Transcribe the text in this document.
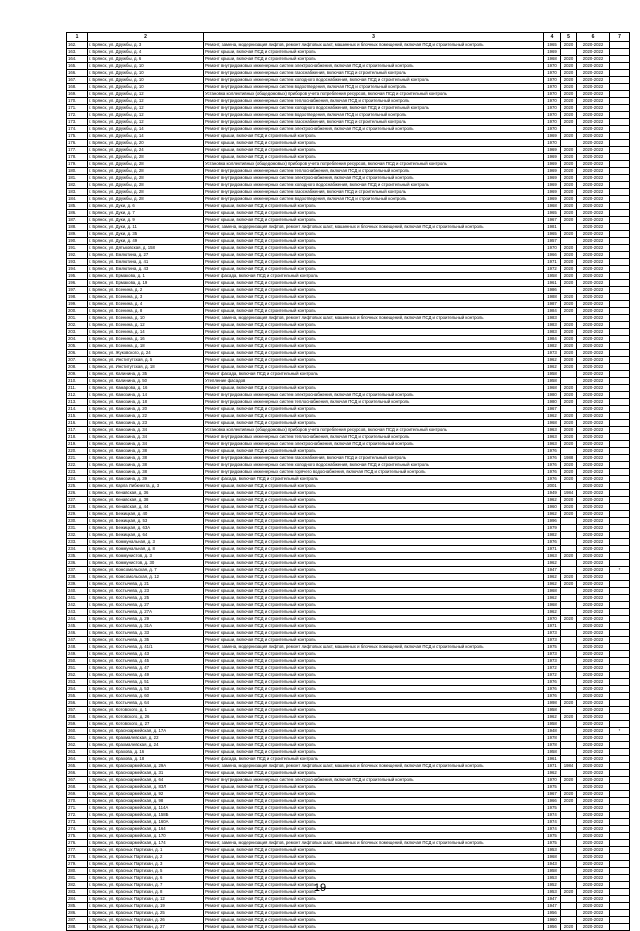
1	2	3	4	5	6	7
162.	г. Брянск, ул. Дружбы, д. 3	Ремонт, замена, модернизация лифтов, ремонт лифтовых шахт, машинных и блочных помещений, включая ПСД и строительный контроль	1965	2020	2020-2022	
163.	г. Брянск, ул. Дружбы, д. 4	Ремонт крыши, включая ПСД и строительный контроль	1969		2020-2022	
164.	г. Брянск, ул. Дружбы, д. 6	Ремонт крыши, включая ПСД и строительный контроль	1968	2020	2020-2022	
165.	г. Брянск, ул. Дружбы, д. 10	Ремонт внутридомовых инженерных систем электроснабжения, включая ПСД и строительный контроль	1970	2020	2020-2022	
166.	г. Брянск, ул. Дружбы, д. 10	Ремонт внутридомовых инженерных систем газоснабжения, включая ПСД и строительный контроль	1970	2020	2020-2022	
167.	г. Брянск, ул. Дружбы, д. 10	Ремонт внутридомовых инженерных систем холодного водоснабжения, включая ПСД и строительный контроль	1970	2020	2020-2022	
168.	г. Брянск, ул. Дружбы, д. 10	Ремонт внутридомовых инженерных систем водоотведения, включая ПСД и строительный контроль	1970	2020	2020-2022	
169.	г. Брянск, ул. Дружбы, д. 12	Установка коллективных (общедомовых) приборов учета потребления ресурсов, включая ПСД и строительный контроль	1970	2020	2020-2022	
170.	г. Брянск, ул. Дружбы, д. 12	Ремонт внутридомовых инженерных систем теплоснабжения, включая ПСД и строительный контроль	1970	2020	2020-2022	
171.	г. Брянск, ул. Дружбы, д. 12	Ремонт внутридомовых инженерных систем холодного водоснабжения, включая ПСД и строительный контроль	1970	2020	2020-2022	
172.	г. Брянск, ул. Дружбы, д. 12	Ремонт внутридомовых инженерных систем водоотведения, включая ПСД и строительный контроль	1970	2020	2020-2022	
173.	г. Брянск, ул. Дружбы, д. 12	Ремонт внутридомовых инженерных систем газоснабжения, включая ПСД и строительный контроль	1970	2020	2020-2022	
174.	г. Брянск, ул. Дружбы, д. 14	Ремонт внутридомовых инженерных систем электроснабжения, включая ПСД и строительный контроль	1970		2020-2022	
175.	г. Брянск, ул. Дружбы, д. 14	Ремонт крыши, включая ПСД и строительный контроль	1969	2020	2020-2022	
176.	г. Брянск, ул. Дружбы, д. 20	Ремонт крыши, включая ПСД и строительный контроль	1970		2020-2022	
177.	г. Брянск, ул. Дружбы, д. 24	Ремонт крыши, включая ПСД и строительный контроль	1969	2020	2020-2022	
178.	г. Брянск, ул. Дружбы, д. 28	Ремонт крыши, включая ПСД и строительный контроль	1969	2020	2020-2022	
179.	г. Брянск, ул. Дружбы, д. 28	Установка коллективных (общедомовых) приборов учета потребления ресурсов, включая ПСД и строительный контроль	1969	2020	2020-2022	
180.	г. Брянск, ул. Дружбы, д. 28	Ремонт внутридомовых инженерных систем теплоснабжения, включая ПСД и строительный контроль	1969	2020	2020-2022	
181.	г. Брянск, ул. Дружбы, д. 28	Ремонт внутридомовых инженерных систем электроснабжения, включая ПСД и строительный контроль	1969	2020	2020-2022	
182.	г. Брянск, ул. Дружбы, д. 28	Ремонт внутридомовых инженерных систем холодного водоснабжения, включая ПСД и строительный контроль	1969	2020	2020-2022	
183.	г. Брянск, ул. Дружбы, д. 28	Ремонт внутридомовых инженерных систем газоснабжения, включая ПСД и строительный контроль	1969	2020	2020-2022	
184.	г. Брянск, ул. Дружбы, д. 28	Ремонт внутридомовых инженерных систем водоотведения, включая ПСД и строительный контроль	1969	2020	2020-2022	
185.	г. Брянск, ул. Дуки, д. 6	Ремонт крыши, включая ПСД и строительный контроль	1968	2020	2020-2022	
186.	г. Брянск, ул. Дуки, д. 7	Ремонт крыши, включая ПСД и строительный контроль	1965	2020	2020-2022	
187.	г. Брянск, ул. Дуки, д. 9	Ремонт крыши, включая ПСД и строительный контроль	1967	2020	2020-2022	
188.	г. Брянск, ул. Дуки, д. 11	Ремонт, замена, модернизация лифтов, ремонт лифтовых шахт, машинных и блочных помещений, включая ПСД и строительный контроль	1981		2020-2022	
189.	г. Брянск, ул. Дуки, д. 35	Ремонт крыши, включая ПСД и строительный контроль	1965	2020	2020-2022	
190.	г. Брянск, ул. Дуки, д. 49	Ремонт крыши, включая ПСД и строительный контроль	1957		2020-2022	
191.	г. Брянск, ул. Дятьковская, д. 158	Ремонт крыши, включая ПСД и строительный контроль	1970	2020	2020-2022	
192.	г. Брянск, ул. Емлютина, д. 27	Ремонт крыши, включая ПСД и строительный контроль	1966	2020	2020-2022	
193.	г. Брянск, ул. Емлютина, д. 41	Ремонт крыши, включая ПСД и строительный контроль	1971	2020	2020-2022	
194.	г. Брянск, ул. Емлютина, д. 43	Ремонт крыши, включая ПСД и строительный контроль	1972	2020	2020-2022	
195.	г. Брянск, ул. Ермакова, д. 1	Ремонт фасада, включая ПСД и строительный контроль	1958	2020	2020-2022	
196.	г. Брянск, ул. Ермакова, д. 19	Ремонт крыши, включая ПСД и строительный контроль	1961	2020	2020-2022	
197.	г. Брянск, ул. Есенина, д. 2	Ремонт крыши, включая ПСД и строительный контроль	1986		2020-2022	
198.	г. Брянск, ул. Есенина, д. 3	Ремонт крыши, включая ПСД и строительный контроль	1988	2020	2020-2022	
199.	г. Брянск, ул. Есенина, д. 4	Ремонт крыши, включая ПСД и строительный контроль	1987	2020	2020-2022	
200.	г. Брянск, ул. Есенина, д. 8	Ремонт крыши, включая ПСД и строительный контроль	1984	2020	2020-2022	
201.	г. Брянск, ул. Есенина, д. 10	Ремонт, замена, модернизация лифтов, ремонт лифтовых шахт, машинных и блочных помещений, включая ПСД и строительный контроль	1983		2020-2022	
202.	г. Брянск, ул. Есенина, д. 12	Ремонт крыши, включая ПСД и строительный контроль	1983	2020	2020-2022	
203.	г. Брянск, ул. Есенина, д. 14	Ремонт крыши, включая ПСД и строительный контроль	1983	2020	2020-2022	
204.	г. Брянск, ул. Есенина, д. 16	Ремонт крыши, включая ПСД и строительный контроль	1984	2020	2020-2022	
205.	г. Брянск, ул. Есенина, д. 18	Ремонт крыши, включая ПСД и строительный контроль	1982	2020	2020-2022	
206.	г. Брянск, ул. Жуковского, д. 24	Ремонт крыши, включая ПСД и строительный контроль	1973	2020	2020-2022	
207.	г. Брянск, ул. Институтская, д. 5	Ремонт крыши, включая ПСД и строительный контроль	1962	2020	2020-2022	
208.	г. Брянск, ул. Институтская, д. 18	Ремонт крыши, включая ПСД и строительный контроль	1962	2020	2020-2022	
209.	г. Брянск, ул. Калинина, д. 35	Ремонт фасада, включая ПСД и строительный контроль	1958		2020-2022	
210.	г. Брянск, ул. Калинина, д. 50	Утепление фасадов	1958		2020-2022	
211.	г. Брянск, ул. Камарова, д. 16	Ремонт крыши, включая ПСД и строительный контроль	1968	2020	2020-2022	
212.	г. Брянск, ул. Камозина, д. 14	Ремонт внутридомовых инженерных систем электроснабжения, включая ПСД и строительный контроль	1980	2020	2020-2022	
213.	г. Брянск, ул. Камозина, д. 18	Ремонт внутридомовых инженерных систем теплоснабжения, включая ПСД и строительный контроль	1980	2020	2020-2022	
214.	г. Брянск, ул. Камозина, д. 20	Ремонт крыши, включая ПСД и строительный контроль	1967		2020-2022	
215.	г. Брянск, ул. Камозина, д. 22	Ремонт крыши, включая ПСД и строительный контроль	1962	2020	2020-2022	
216.	г. Брянск, ул. Камозина, д. 23	Ремонт крыши, включая ПСД и строительный контроль	1968	2020	2020-2022	
217.	г. Брянск, ул. Камозина, д. 34	Установка коллективных (общедомовых) приборов учета потребления ресурсов, включая ПСД и строительный контроль	1963	2020	2020-2022	
218.	г. Брянск, ул. Камозина, д. 34	Ремонт внутридомовых инженерных систем теплоснабжения, включая ПСД и строительный контроль	1963	2020	2020-2022	
219.	г. Брянск, ул. Камозина, д. 34	Ремонт внутридомовых инженерных систем электроснабжения, включая ПСД и строительный контроль	1963	2020	2020-2022	
220.	г. Брянск, ул. Камозина, д. 38	Ремонт крыши, включая ПСД и строительный контроль	1976		2020-2022	
221.	г. Брянск, ул. Камозина, д. 38	Ремонт внутридомовых инженерных систем газоснабжения, включая ПСД и строительный контроль	1976	1988	2020-2022	
222.	г. Брянск, ул. Камозина, д. 38	Ремонт внутридомовых инженерных систем холодного водоснабжения, включая ПСД и строительный контроль	1976	2020	2020-2022	
223.	г. Брянск, ул. Камозина, д. 38	Ремонт внутридомовых инженерных систем горячего водоснабжения, включая ПСД и строительный контроль	1976	2020	2020-2022	
224.	г. Брянск, ул. Камозина, д. 39	Ремонт фасада, включая ПСД и строительный контроль	1976	2020	2020-2022	
225.	г. Брянск, ул. Карла Либкнехта, д. 3	Ремонт крыши, включая ПСД и строительный контроль	2001		2020-2022	
226.	г. Брянск, ул. Кенавская, д. 36	Ремонт крыши, включая ПСД и строительный контроль	1949	1984	2020-2022	
227.	г. Брянск, ул. Кенавская, д. 38	Ремонт крыши, включая ПСД и строительный контроль	1962	2020	2020-2022	
228.	г. Брянск, ул. Кенавская, д. 44	Ремонт крыши, включая ПСД и строительный контроль	1960	2020	2020-2022	
229.	г. Брянск, ул. Бежицкая, д. 40	Ремонт крыши, включая ПСД и строительный контроль	1962	2020	2020-2022	
230.	г. Брянск, ул. Бежицкая, д. 53	Ремонт крыши, включая ПСД и строительный контроль	1996		2020-2022	
231.	г. Брянск, ул. Бежицкая, д. 63А	Ремонт крыши, включая ПСД и строительный контроль	1979		2020-2022	
232.	г. Брянск, ул. Бежицкая, д. 64	Ремонт крыши, включая ПСД и строительный контроль	1982		2020-2022	
233.	г. Брянск, ул. Коммунальная, д. 3	Ремонт крыши, включая ПСД и строительный контроль	1976		2020-2022	
234.	г. Брянск, ул. Коммунальная, д. 8	Ремонт крыши, включая ПСД и строительный контроль	1971		2020-2022	
235.	г. Брянск, ул. Коммунистов, д. 3	Ремонт крыши, включая ПСД и строительный контроль	1963	2020	2020-2022	
236.	г. Брянск, ул. Коммунистов, д. 30	Ремонт крыши, включая ПСД и строительный контроль	1962		2020-2022	
237.	г. Брянск, ул. Комсомольская, д. 7	Ремонт крыши, включая ПСД и строительный контроль	1947		2020-2022	*
238.	г. Брянск, ул. Комсомольская, д. 12	Ремонт крыши, включая ПСД и строительный контроль	1962	2020	2020-2022	
239.	г. Брянск, ул. Костычева, д. 21	Ремонт крыши, включая ПСД и строительный контроль	1962	2020	2020-2022	
240.	г. Брянск, ул. Костычева, д. 23	Ремонт крыши, включая ПСД и строительный контроль	1968		2020-2022	
241.	г. Брянск, ул. Костычева, д. 25	Ремонт крыши, включая ПСД и строительный контроль	1962		2020-2022	
242.	г. Брянск, ул. Костычева, д. 27	Ремонт крыши, включая ПСД и строительный контроль	1968		2020-2022	
243.	г. Брянск, ул. Костычева, д. 27А	Ремонт крыши, включая ПСД и строительный контроль	1962		2020-2022	
244.	г. Брянск, ул. Костычева, д. 29	Ремонт крыши, включая ПСД и строительный контроль	1970	2020	2020-2022	
245.	г. Брянск, ул. Костычева, д. 31А	Ремонт крыши, включая ПСД и строительный контроль	1971		2020-2022	
246.	г. Брянск, ул. Костычева, д. 33	Ремонт крыши, включая ПСД и строительный контроль	1973		2020-2022	
247.	г. Брянск, ул. Костычева, д. 35	Ремонт крыши, включая ПСД и строительный контроль	1973		2020-2022	
248.	г. Брянск, ул. Костычева, д. 41/1	Ремонт, замена, модернизация лифтов, ремонт лифтовых шахт, машинных и блочных помещений, включая ПСД и строительный контроль	1975		2020-2022	
249.	г. Брянск, ул. Костычева, д. 43	Ремонт крыши, включая ПСД и строительный контроль	1973		2020-2022	
250.	г. Брянск, ул. Костычева, д. 45	Ремонт крыши, включая ПСД и строительный контроль	1973		2020-2022	
251.	г. Брянск, ул. Костычева, д. 47	Ремонт крыши, включая ПСД и строительный контроль	1972		2020-2022	
252.	г. Брянск, ул. Костычева, д. 49	Ремонт крыши, включая ПСД и строительный контроль	1972		2020-2022	
253.	г. Брянск, ул. Костычева, д. 51	Ремонт крыши, включая ПСД и строительный контроль	1976		2020-2022	
254.	г. Брянск, ул. Костычева, д. 53	Ремонт крыши, включая ПСД и строительный контроль	1976		2020-2022	
255.	г. Брянск, ул. Костычева, д. 60	Ремонт крыши, включая ПСД и строительный контроль	1976		2020-2022	
256.	г. Брянск, ул. Костычева, д. 64	Ремонт крыши, включая ПСД и строительный контроль	1998	2020	2020-2022	
257.	г. Брянск, ул. Котовского, д. 1	Ремонт крыши, включая ПСД и строительный контроль	1958		2020-2022	
258.	г. Брянск, ул. Котовского, д. 26	Ремонт крыши, включая ПСД и строительный контроль	1962	2020	2020-2022	
259.	г. Брянск, ул. Котовского, д. 27	Ремонт крыши, включая ПСД и строительный контроль	1958		2020-2022	
260.	г. Брянск, ул. Красноармейская, д. 17А	Ремонт крыши, включая ПСД и строительный контроль	1948		2020-2022	*
261.	г. Брянск, ул. Крахмалевская, д. 22	Ремонт крыши, включая ПСД и строительный контроль	1978		2020-2022	
262.	г. Брянск, ул. Крахмалевская, д. 24	Ремонт крыши, включая ПСД и строительный контроль	1978		2020-2022	
263.	г. Брянск, ул. Крахова, д. 16	Ремонт крыши, включая ПСД и строительный контроль	1958		2020-2022	
264.	г. Брянск, ул. Крахова, д. 18	Ремонт фасада, включая ПСД и строительный контроль	1961		2020-2022	
265.	г. Брянск, ул. Красноармейская, д. 29А	Ремонт, замена, модернизация лифтов, ремонт лифтовых шахт, машинных и блочных помещений, включая ПСД и строительный контроль	1971	1984	2020-2022	
266.	г. Брянск, ул. Красноармейская, д. 31	Ремонт крыши, включая ПСД и строительный контроль	1962		2020-2022	
267.	г. Брянск, ул. Красноармейская, д. 64	Ремонт внутридомовых инженерных систем электроснабжения, включая ПСД и строительный контроль	1970	2020	2020-2022	
268.	г. Брянск, ул. Красноармейская, д. 83Л	Ремонт крыши, включая ПСД и строительный контроль	1975		2020-2022	
269.	г. Брянск, ул. Красноармейская, д. 92	Ремонт крыши, включая ПСД и строительный контроль	1967	2020	2020-2022	
270.	г. Брянск, ул. Красноармейская, д. 98	Ремонт крыши, включая ПСД и строительный контроль	1966	2020	2020-2022	
271.	г. Брянск, ул. Красноармейская, д. 114А	Ремонт крыши, включая ПСД и строительный контроль	1975		2020-2022	
272.	г. Брянск, ул. Красноармейская, д. 158Б	Ремонт крыши, включая ПСД и строительный контроль	1974		2020-2022	
273.	г. Брянск, ул. Красноармейская, д. 160А	Ремонт крыши, включая ПСД и строительный контроль	1974		2020-2022	
274.	г. Брянск, ул. Красноармейская, д. 164	Ремонт крыши, включая ПСД и строительный контроль	1974		2020-2022	
275.	г. Брянск, ул. Красноармейская, д. 170	Ремонт крыши, включая ПСД и строительный контроль	1975		2020-2022	
276.	г. Брянск, ул. Красноармейская, д. 174	Ремонт, замена, модернизация лифтов, ремонт лифтовых шахт, машинных и блочных помещений, включая ПСД и строительный контроль	1975		2020-2022	
277.	г. Брянск, ул. Красных Партизан, д. 1	Ремонт крыши, включая ПСД и строительный контроль	1953		2020-2022	
278.	г. Брянск, ул. Красных Партизан, д. 2	Ремонт крыши, включая ПСД и строительный контроль	1968		2020-2022	
279.	г. Брянск, ул. Красных Партизан, д. 3	Ремонт крыши, включая ПСД и строительный контроль	1943		2020-2022	
280.	г. Брянск, ул. Красных Партизан, д. 5	Ремонт крыши, включая ПСД и строительный контроль	1958		2020-2022	
281.	г. Брянск, ул. Красных Партизан, д. 6	Ремонт крыши, включая ПСД и строительный контроль	1953		2020-2022	
282.	г. Брянск, ул. Красных Партизан, д. 7	Ремонт крыши, включая ПСД и строительный контроль	1952		2020-2022	
283.	г. Брянск, ул. Красных Партизан, д. 8	Ремонт крыши, включая ПСД и строительный контроль	1953	2020	2020-2022	
284.	г. Брянск, ул. Красных Партизан, д. 12	Ремонт крыши, включая ПСД и строительный контроль	1947		2020-2022	
285.	г. Брянск, ул. Красных Партизан, д. 19	Ремонт крыши, включая ПСД и строительный контроль	1947		2020-2022	
286.	г. Брянск, ул. Красных Партизан, д. 25	Ремонт крыши, включая ПСД и строительный контроль	1956		2020-2022	
287.	г. Брянск, ул. Красных Партизан, д. 26	Ремонт крыши, включая ПСД и строительный контроль	1960		2020-2022	
288.	г. Брянск, ул. Красных Партизан, д. 27	Ремонт крыши, включая ПСД и строительный контроль	1956	2020	2020-2022	
19
